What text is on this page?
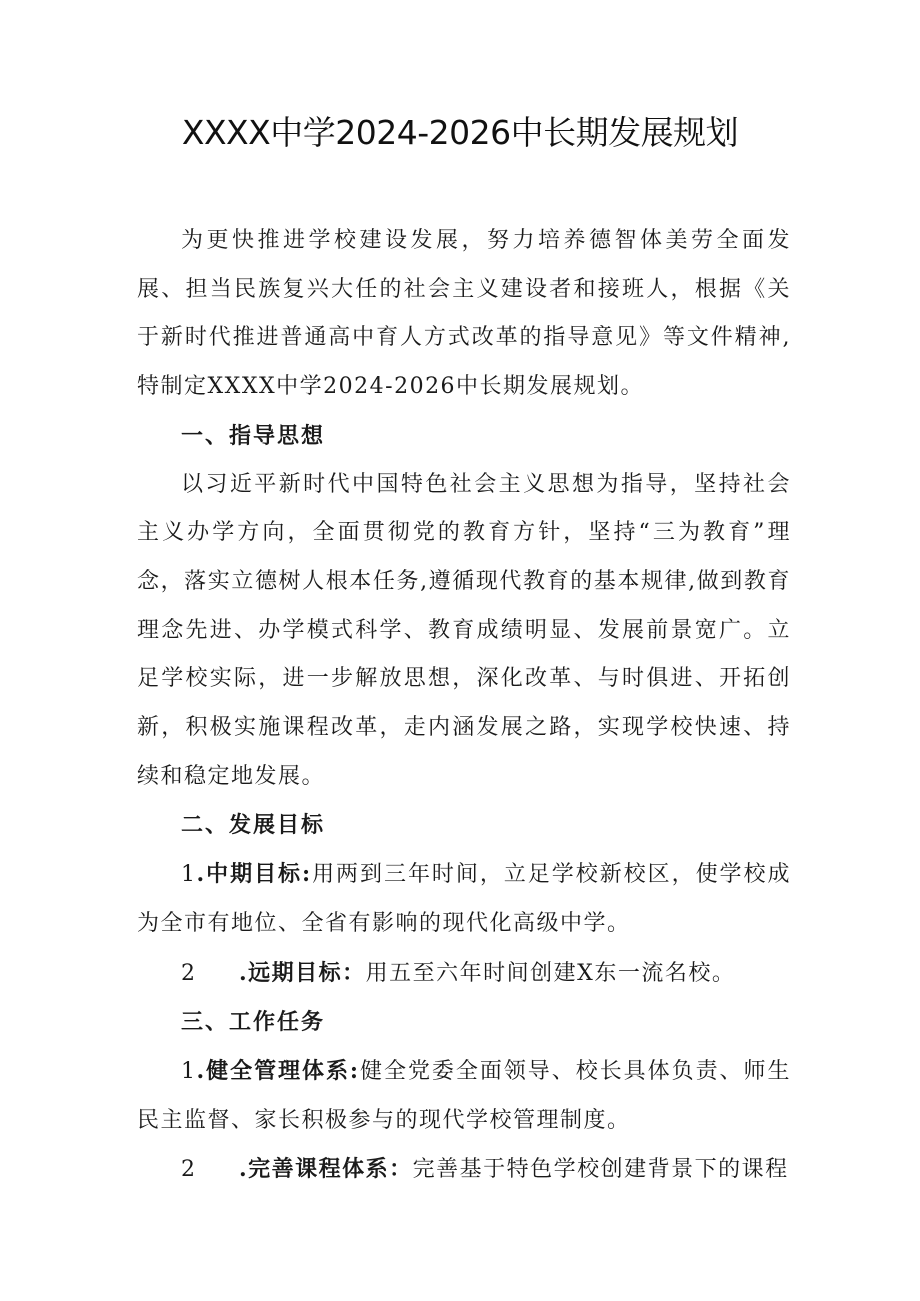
XXXX中学2024-2026中长期发展规划

为更快推进学校建设发展，努力培养德智体美劳全面发展、担当民族复兴大任的社会主义建设者和接班人，根据《关于新时代推进普通高中育人方式改革的指导意见》等文件精神,特制定XXXX中学2024-2026中长期发展规划。

一、指导思想

以习近平新时代中国特色社会主义思想为指导，坚持社会主义办学方向，全面贯彻党的教育方针，坚持“三为教育”理念，落实立德树人根本任务,遵循现代教育的基本规律,做到教育理念先进、办学模式科学、教育成绩明显、发展前景宽广。立足学校实际，进一步解放思想，深化改革、与时俱进、开拓创新，积极实施课程改革，走内涵发展之路，实现学校快速、持续和稳定地发展。

二、发展目标

1.中期目标:用两到三年时间，立足学校新校区，使学校成为全市有地位、全省有影响的现代化高级中学。

2 .远期目标：用五至六年时间创建X东一流名校。

三、工作任务

1.健全管理体系:健全党委全面领导、校长具体负责、师生民主监督、家长积极参与的现代学校管理制度。

2 .完善课程体系：完善基于特色学校创建背景下的课程
